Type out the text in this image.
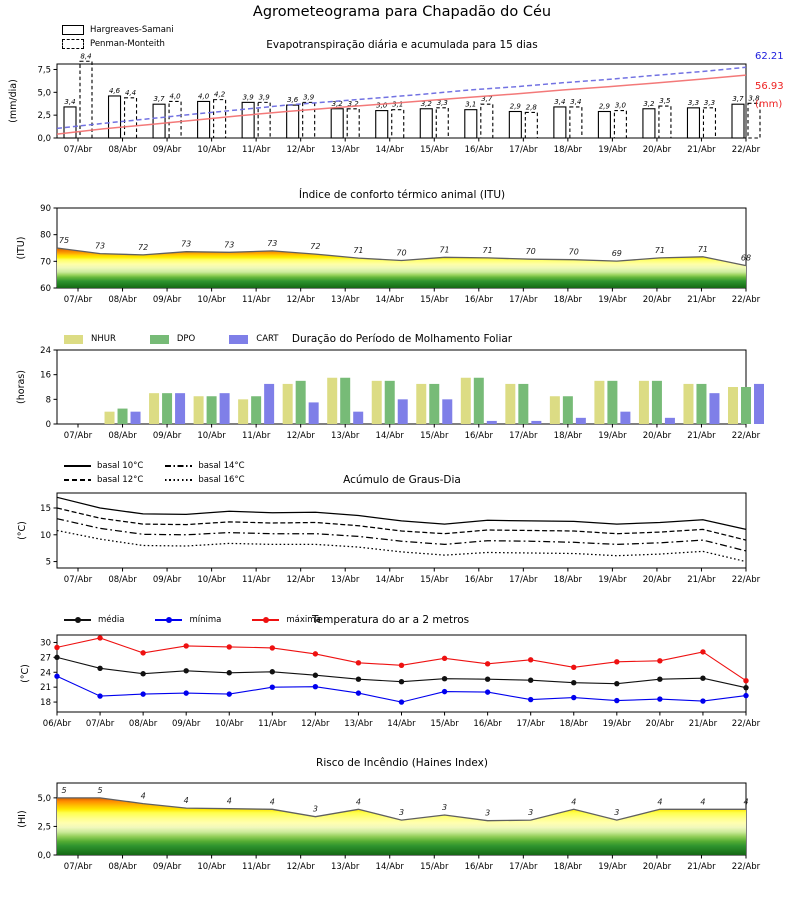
0,0
2,5
5,0
7,5
07/Abr 08/Abr 09/Abr 10/Abr 11/Abr 12/Abr 13/Abr 14/Abr 15/Abr 16/Abr 17/Abr 18/Abr 19/Abr 20/Abr 21/Abr 22/Abr
(mm/dia)	3,4
8,4
4,6 4,4
3,7 4,0 4,0 4,2 3,9 3,9 3,6 3,9
3,2 3,2 3,0 3,1 3,2 3,3 3,1
3,7
2,9 2,8
3,4 3,4
2,9 3,0 3,2 3,5 3,3 3,3 3,7 3,8
60
70
80
90
07/Abr 08/Abr 09/Abr 10/Abr 11/Abr 12/Abr 13/Abr 14/Abr 15/Abr 16/Abr 17/Abr 18/Abr 19/Abr 20/Abr 21/Abr 22/Abr
(ITU)	75
73	72	73	73	73	72	71	70	71	71	70	70	69	71	71
68
0
8
16
24
07/Abr 08/Abr 09/Abr 10/Abr 11/Abr 12/Abr 13/Abr 14/Abr 15/Abr 16/Abr 17/Abr 18/Abr 19/Abr 20/Abr 21/Abr 22/Abr
(horas)
5
10
15
07/Abr 08/Abr 09/Abr 10/Abr 11/Abr 12/Abr 13/Abr 14/Abr 15/Abr 16/Abr 17/Abr 18/Abr 19/Abr 20/Abr 21/Abr 22/Abr
(°C)
18
21
24
27
30
06/Abr 07/Abr 08/Abr 09/Abr 10/Abr 11/Abr 12/Abr 13/Abr 14/Abr 15/Abr 16/Abr 17/Abr 18/Abr 19/Abr 20/Abr 21/Abr 22/Abr
(°C)
0,0
2,5
5,0
07/Abr 08/Abr 09/Abr 10/Abr 11/Abr 12/Abr 13/Abr 14/Abr 15/Abr 16/Abr 17/Abr 18/Abr 19/Abr 20/Abr 21/Abr 22/Abr
(HI)
5	5
4
4	4	4
3
4
3
3
3	3
4
3
4	4	4
Agrometeograma para Chapadão do Céu
Hargreaves-Samani
Penman-Monteith	Evapotranspiração diária e acumulada para 15 dias
62.21
56.93
(mm)
Índice de conforto térmico animal (ITU)
NHUR	DPO	CART Duração do Período de Molhamento Foliar
basal 10°C
basal 12°C
basal 14°C
basal 16°C	Acúmulo de Graus-Dia
média	mínima	máxima
Temperatura do ar a 2 metros
Risco de Incêndio (Haines Index)
